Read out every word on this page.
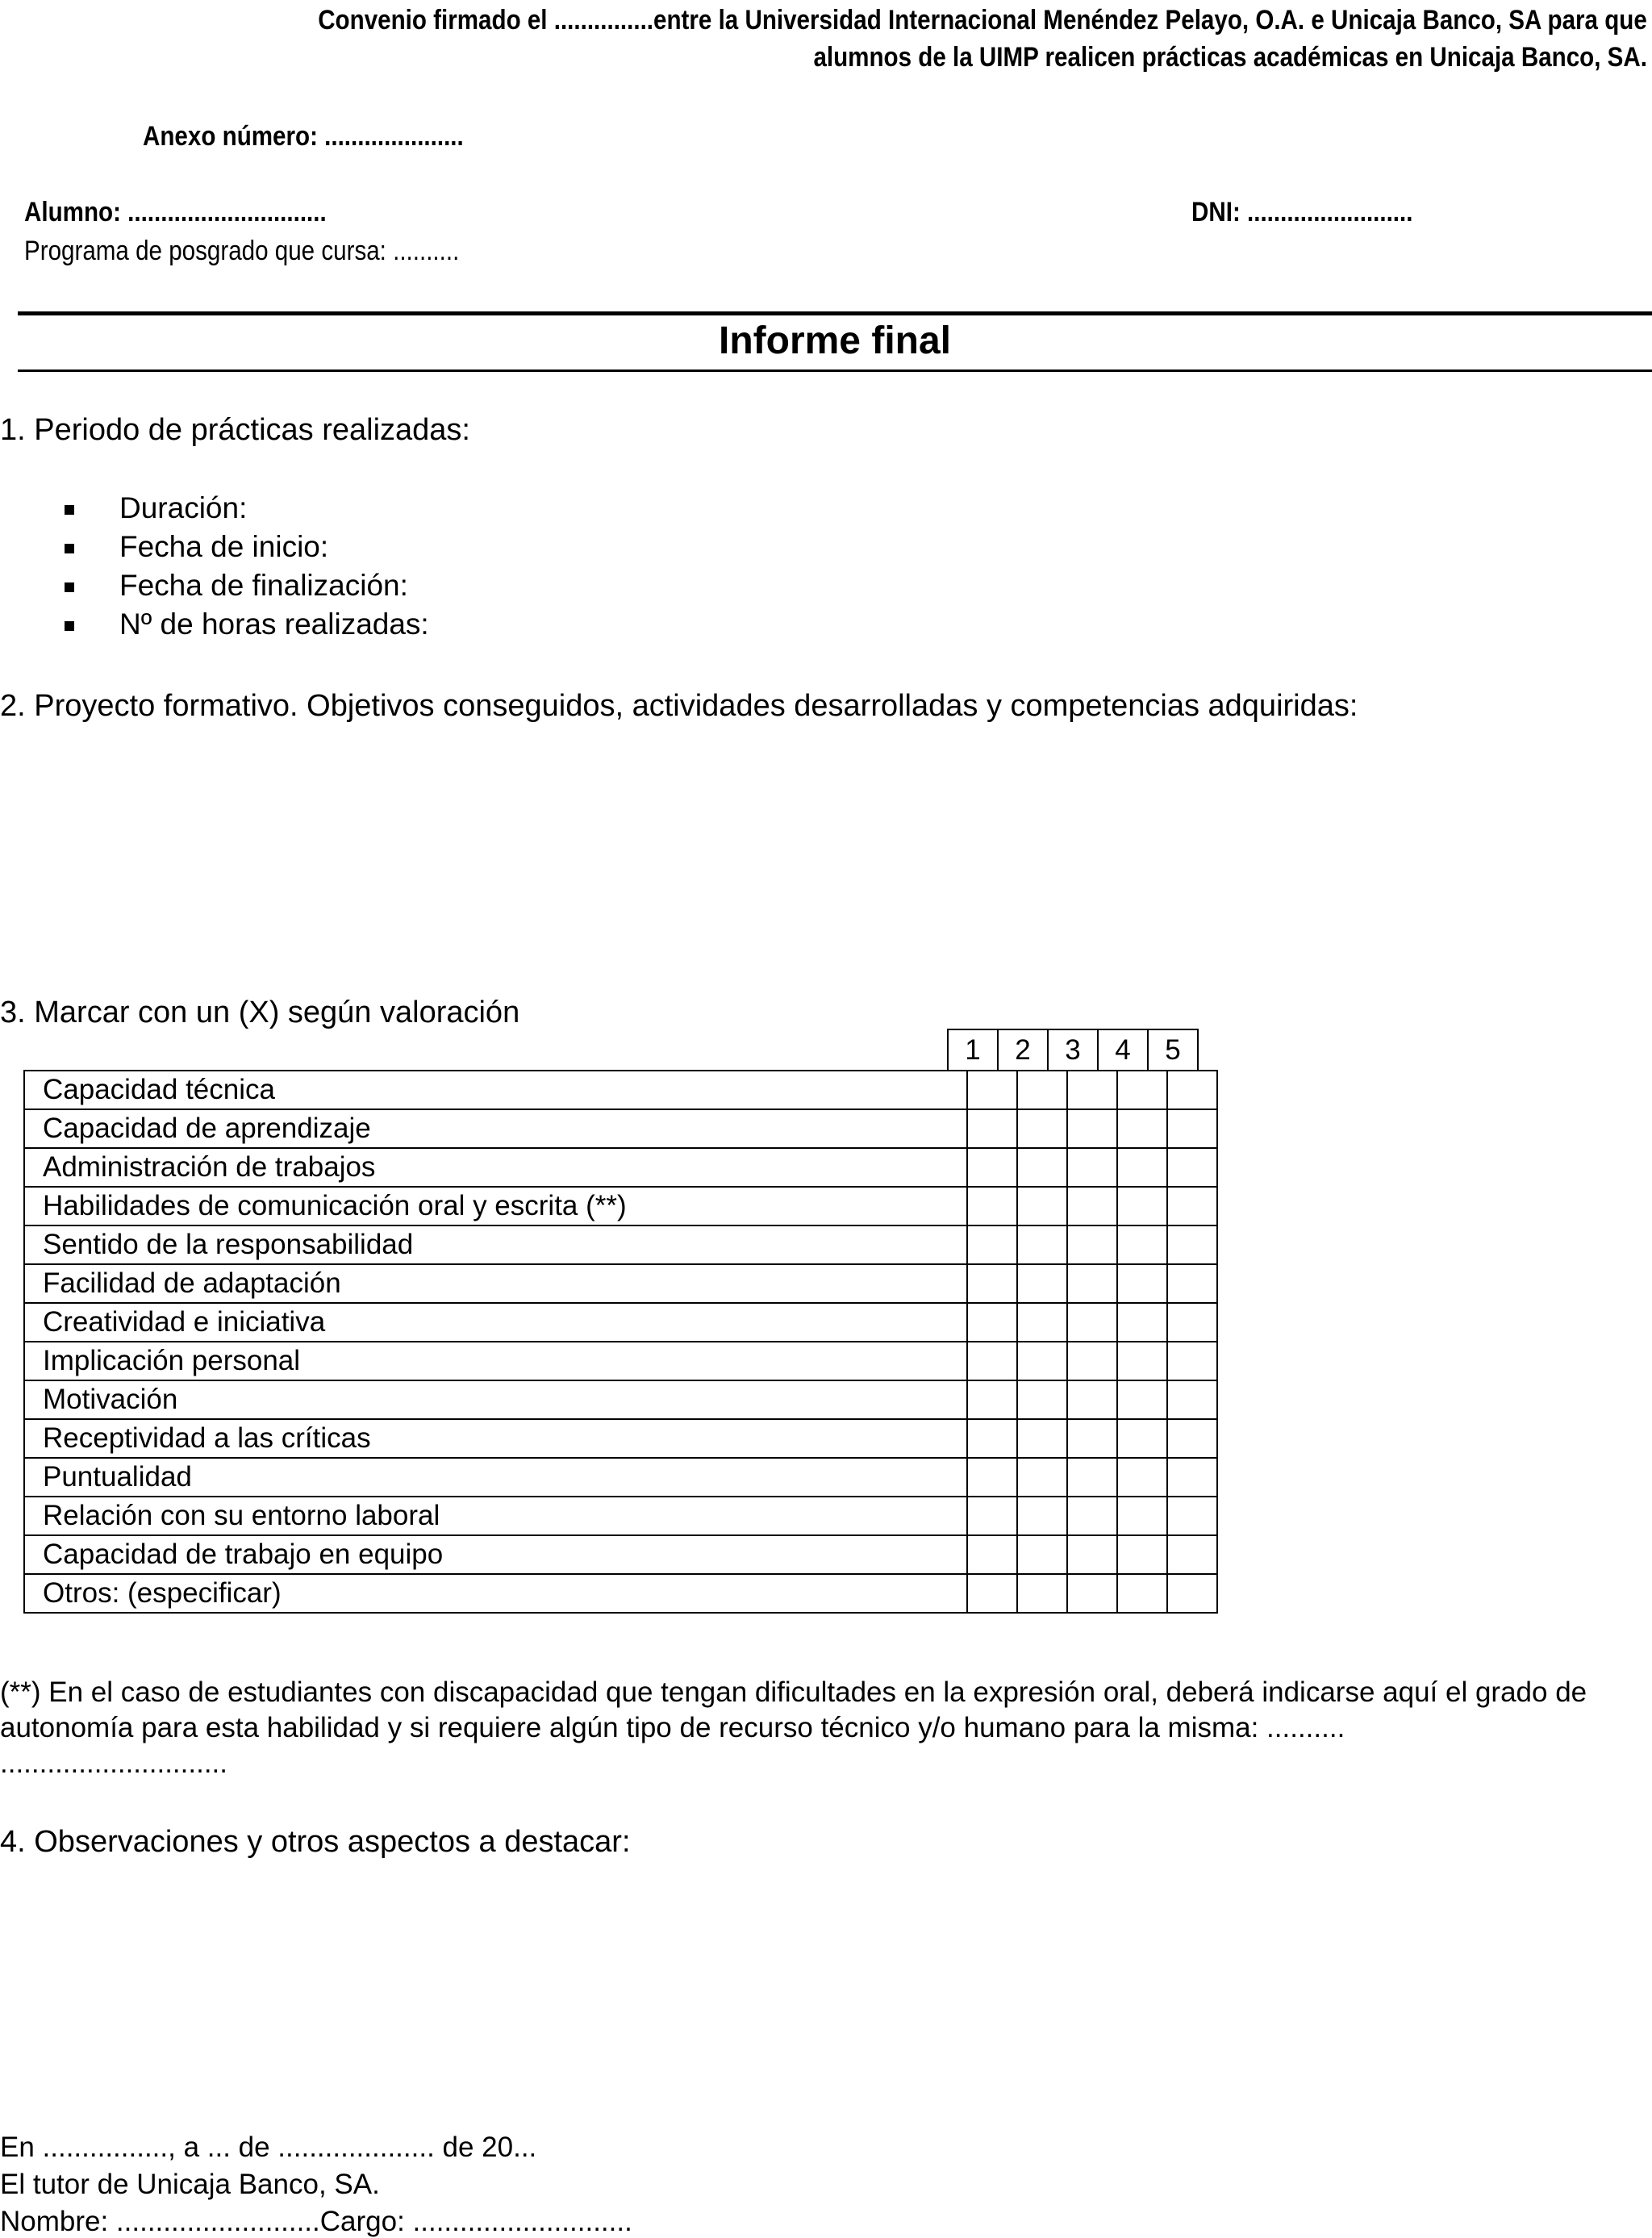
Convenio firmado el ...............entre la Universidad Internacional Menéndez Pelayo, O.A. e Unicaja Banco, SA para que
alumnos de la UIMP realicen prácticas académicas en Unicaja Banco, SA.
Anexo número: .....................
Alumno: ..............................	DNI: .........................
Programa de posgrado que cursa: ..........
Informe final
1. Periodo de prácticas realizadas:
Duración:
Fecha de inicio:
Fecha de finalización:
Nº de horas realizadas:
2. Proyecto formativo. Objetivos conseguidos, actividades desarrolladas y competencias adquiridas:
3. Marcar con un (X) según valoración
1	2	3	4	5
Capacidad técnica					
Capacidad de aprendizaje					
Administración de trabajos					
Habilidades de comunicación oral y escrita (**)					
Sentido de la responsabilidad					
Facilidad de adaptación					
Creatividad e iniciativa					
Implicación personal					
Motivación					
Receptividad a las críticas					
Puntualidad					
Relación con su entorno laboral					
Capacidad de trabajo en equipo					
Otros: (especificar)					
(**) En el caso de estudiantes con discapacidad que tengan dificultades en la expresión oral, deberá indicarse aquí el grado de autonomía para esta habilidad y si requiere algún tipo de recurso técnico y/o humano para la misma: ..........
.............................
4. Observaciones y otros aspectos a destacar:
En ................, a ... de .................... de 20...
El tutor de Unicaja Banco, SA.
Nombre: ..........................Cargo: ............................
